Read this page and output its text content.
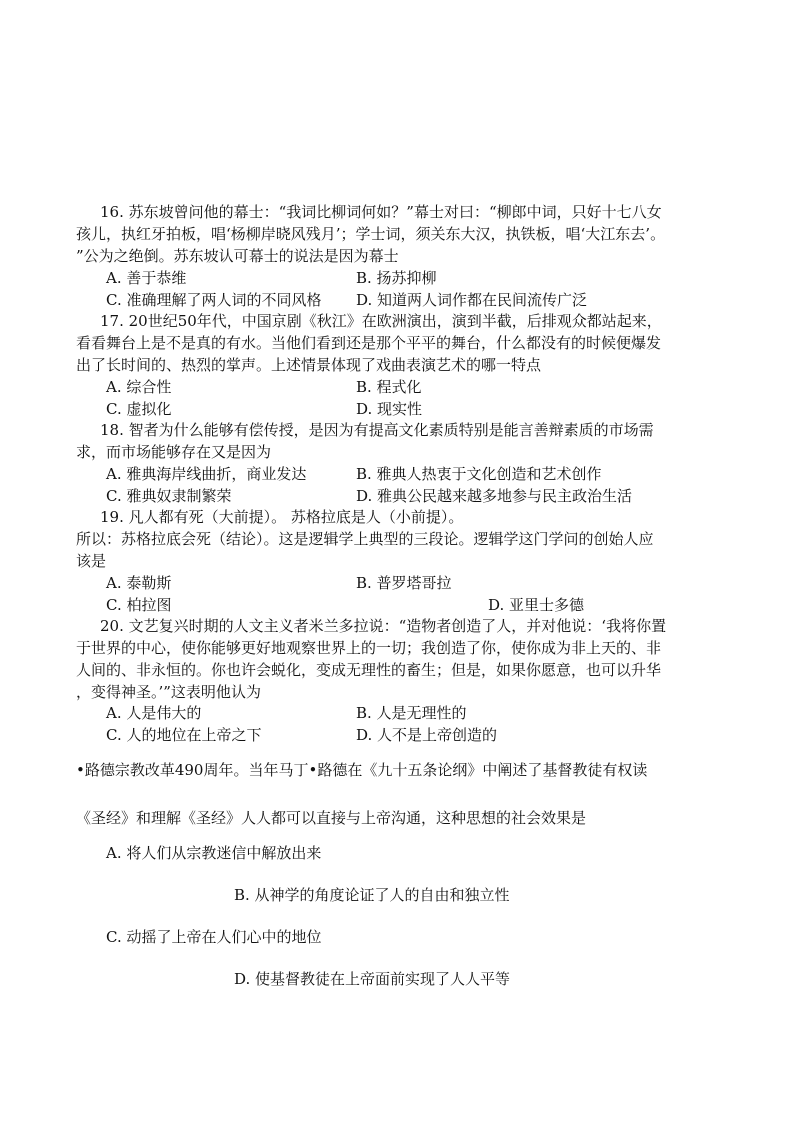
16. 苏东坡曾问他的幕士：“我词比柳词何如？”幕士对曰：“柳郎中词，只好十七八女
孩儿，执红牙拍板，唱‘杨柳岸晓风残月’；学士词，须关东大汉，执铁板，唱‘大江东去’。
”公为之绝倒。苏东坡认可幕士的说法是因为幕士
A. 善于恭维	B. 扬苏抑柳
C. 准确理解了两人词的不同风格 D. 知道两人词作都在民间流传广泛
17. 20世纪50年代，中国京剧《秋江》在欧洲演出，演到半截，后排观众都站起来，
看看舞台上是不是真的有水。当他们看到还是那个平平的舞台，什么都没有的时候便爆发
出了长时间的、热烈的掌声。上述情景体现了戏曲表演艺术的哪一特点
A. 综合性	B. 程式化
C. 虚拟化	D. 现实性
18. 智者为什么能够有偿传授，是因为有提高文化素质特别是能言善辩素质的市场需
求，而市场能够存在又是因为
A. 雅典海岸线曲折，商业发达	B. 雅典人热衷于文化创造和艺术创作
C. 雅典奴隶制繁荣	D. 雅典公民越来越多地参与民主政治生活
19. 凡人都有死（大前提）。 苏格拉底是人（小前提）。
所以：苏格拉底会死（结论）。这是逻辑学上典型的三段论。逻辑学这门学问的创始人应
该是
A. 泰勒斯	B. 普罗塔哥拉
C. 柏拉图	D. 亚里士多德
20. 文艺复兴时期的人文主义者米兰多拉说：“造物者创造了人，并对他说：‘我将你置
于世界的中心，使你能够更好地观察世界上的一切；我创造了你，使你成为非上天的、非
人间的、非永恒的。你也许会蜕化，变成无理性的畜生；但是，如果你愿意，也可以升华
，变得神圣。’”这表明他认为
A. 人是伟大的	B. 人是无理性的
C. 人的地位在上帝之下	D. 人不是上帝创造的
•路德宗教改革490周年。当年马丁•路德在《九十五条论纲》中阐述了基督教徒有权读
《圣经》和理解《圣经》人人都可以直接与上帝沟通，这种思想的社会效果是
A. 将人们从宗教迷信中解放出来
B. 从神学的角度论证了人的自由和独立性
C. 动摇了上帝在人们心中的地位
D. 使基督教徒在上帝面前实现了人人平等
